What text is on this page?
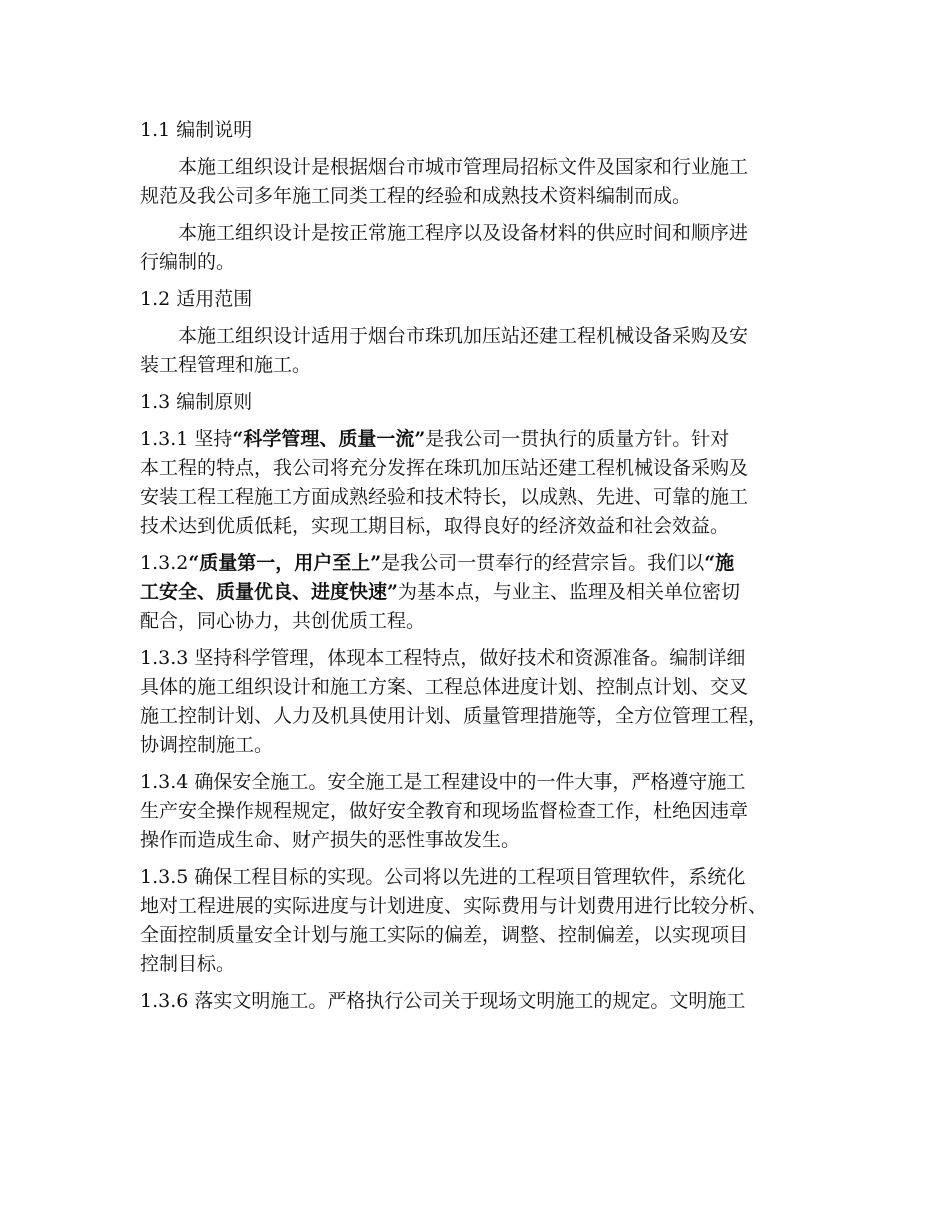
1.1 编制说明
本施工组织设计是根据烟台市城市管理局招标文件及国家和行业施工
规范及我公司多年施工同类工程的经验和成熟技术资料编制而成。
本施工组织设计是按正常施工程序以及设备材料的供应时间和顺序进
行编制的。
1.2 适用范围
本施工组织设计适用于烟台市珠玑加压站还建工程机械设备采购及安
装工程管理和施工。
1.3 编制原则
1.3.1 坚持“科学管理、质量一流”是我公司一贯执行的质量方针。针对
本工程的特点，我公司将充分发挥在珠玑加压站还建工程机械设备采购及
安装工程工程施工方面成熟经验和技术特长，以成熟、先进、可靠的施工
技术达到优质低耗，实现工期目标，取得良好的经济效益和社会效益。
1.3.2“质量第一，用户至上”是我公司一贯奉行的经营宗旨。我们以“施
工安全、质量优良、进度快速”为基本点，与业主、监理及相关单位密切
配合，同心协力，共创优质工程。
1.3.3 坚持科学管理，体现本工程特点，做好技术和资源准备。编制详细
具体的施工组织设计和施工方案、工程总体进度计划、控制点计划、交叉
施工控制计划、人力及机具使用计划、质量管理措施等，全方位管理工程，
协调控制施工。
1.3.4 确保安全施工。安全施工是工程建设中的一件大事，严格遵守施工
生产安全操作规程规定，做好安全教育和现场监督检查工作，杜绝因违章
操作而造成生命、财产损失的恶性事故发生。
1.3.5 确保工程目标的实现。公司将以先进的工程项目管理软件，系统化
地对工程进展的实际进度与计划进度、实际费用与计划费用进行比较分析、
全面控制质量安全计划与施工实际的偏差，调整、控制偏差，以实现项目
控制目标。
1.3.6 落实文明施工。严格执行公司关于现场文明施工的规定。文明施工
